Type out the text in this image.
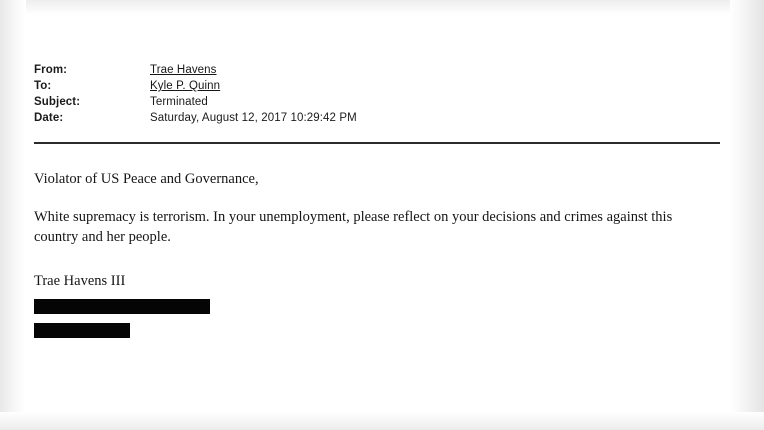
From:	Trae Havens
To:	Kyle P. Quinn
Subject:	Terminated
Date:	Saturday, August 12, 2017 10:29:42 PM

Violator of US Peace and Governance,

White supremacy is terrorism. In your unemployment, please reflect on your decisions and crimes against this country and her people.

Trae Havens III
